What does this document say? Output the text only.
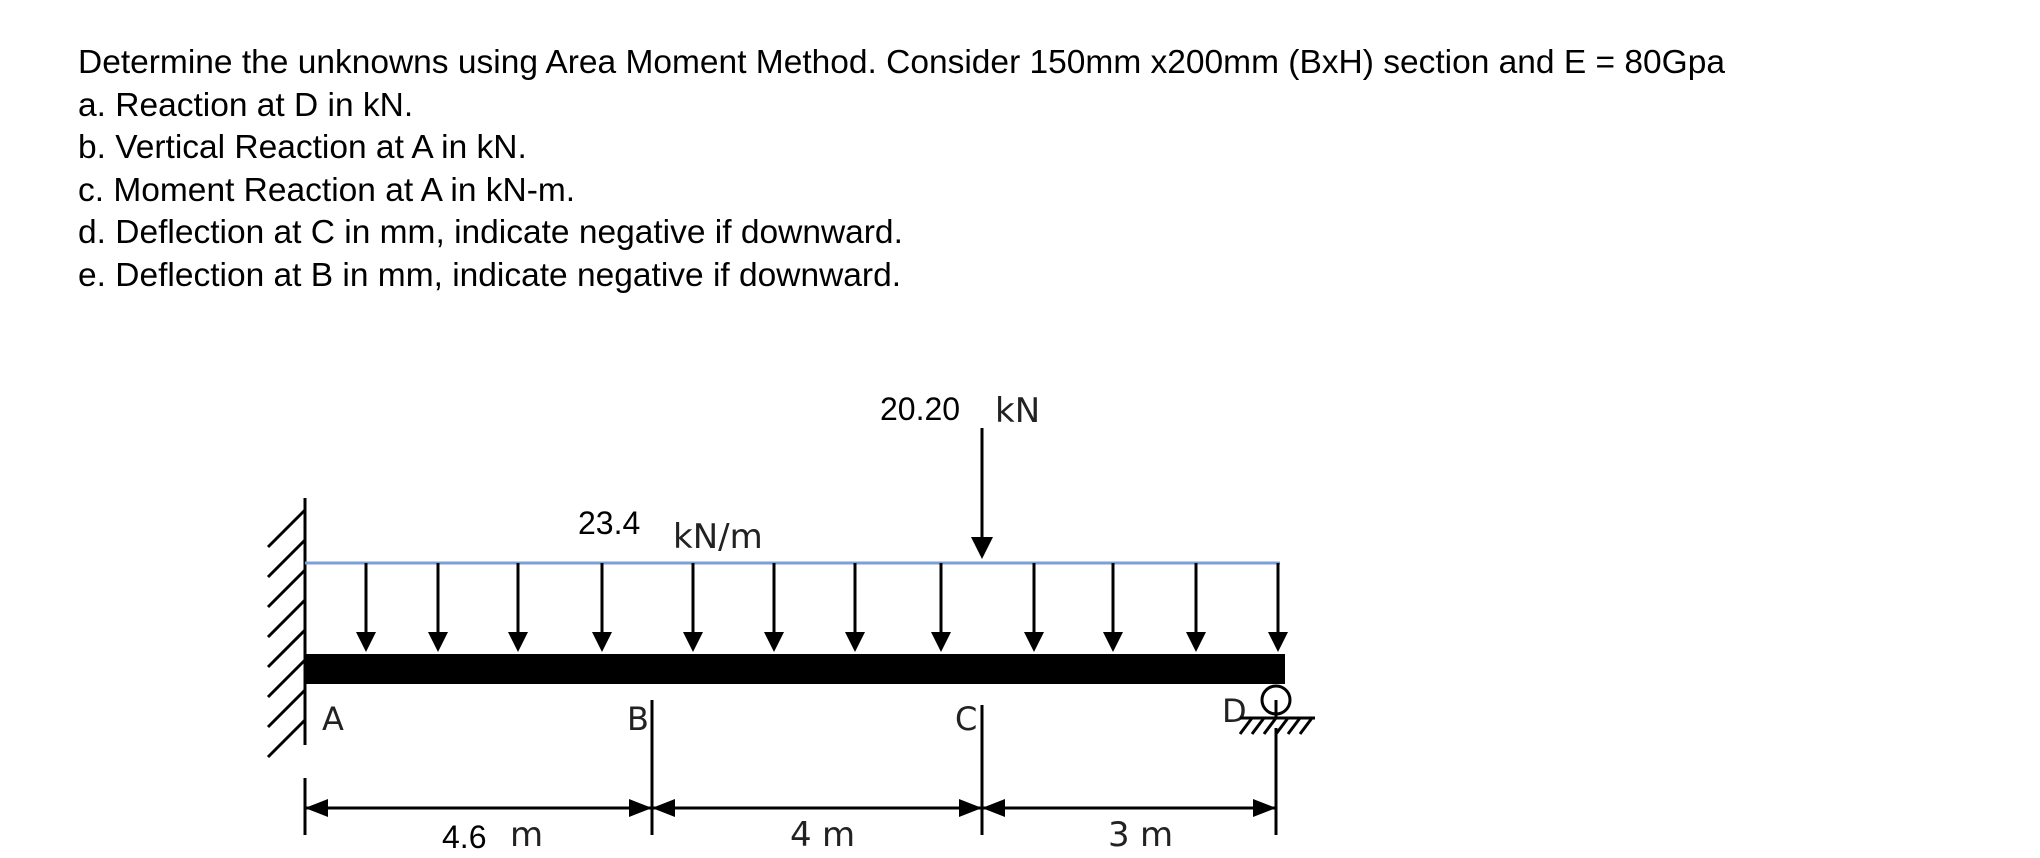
Determine the unknowns using Area Moment Method. Consider 150mm x200mm (BxH) section and E = 80Gpa
a. Reaction at D in kN.
b. Vertical Reaction at A in kN.
c. Moment Reaction at A in kN-m.
d. Deflection at C in mm, indicate negative if downward.
e. Deflection at B in mm, indicate negative if downward.
20.20 kN
23.4 kN/m
A	B	C	D
4.6 m	4 m	3 m
